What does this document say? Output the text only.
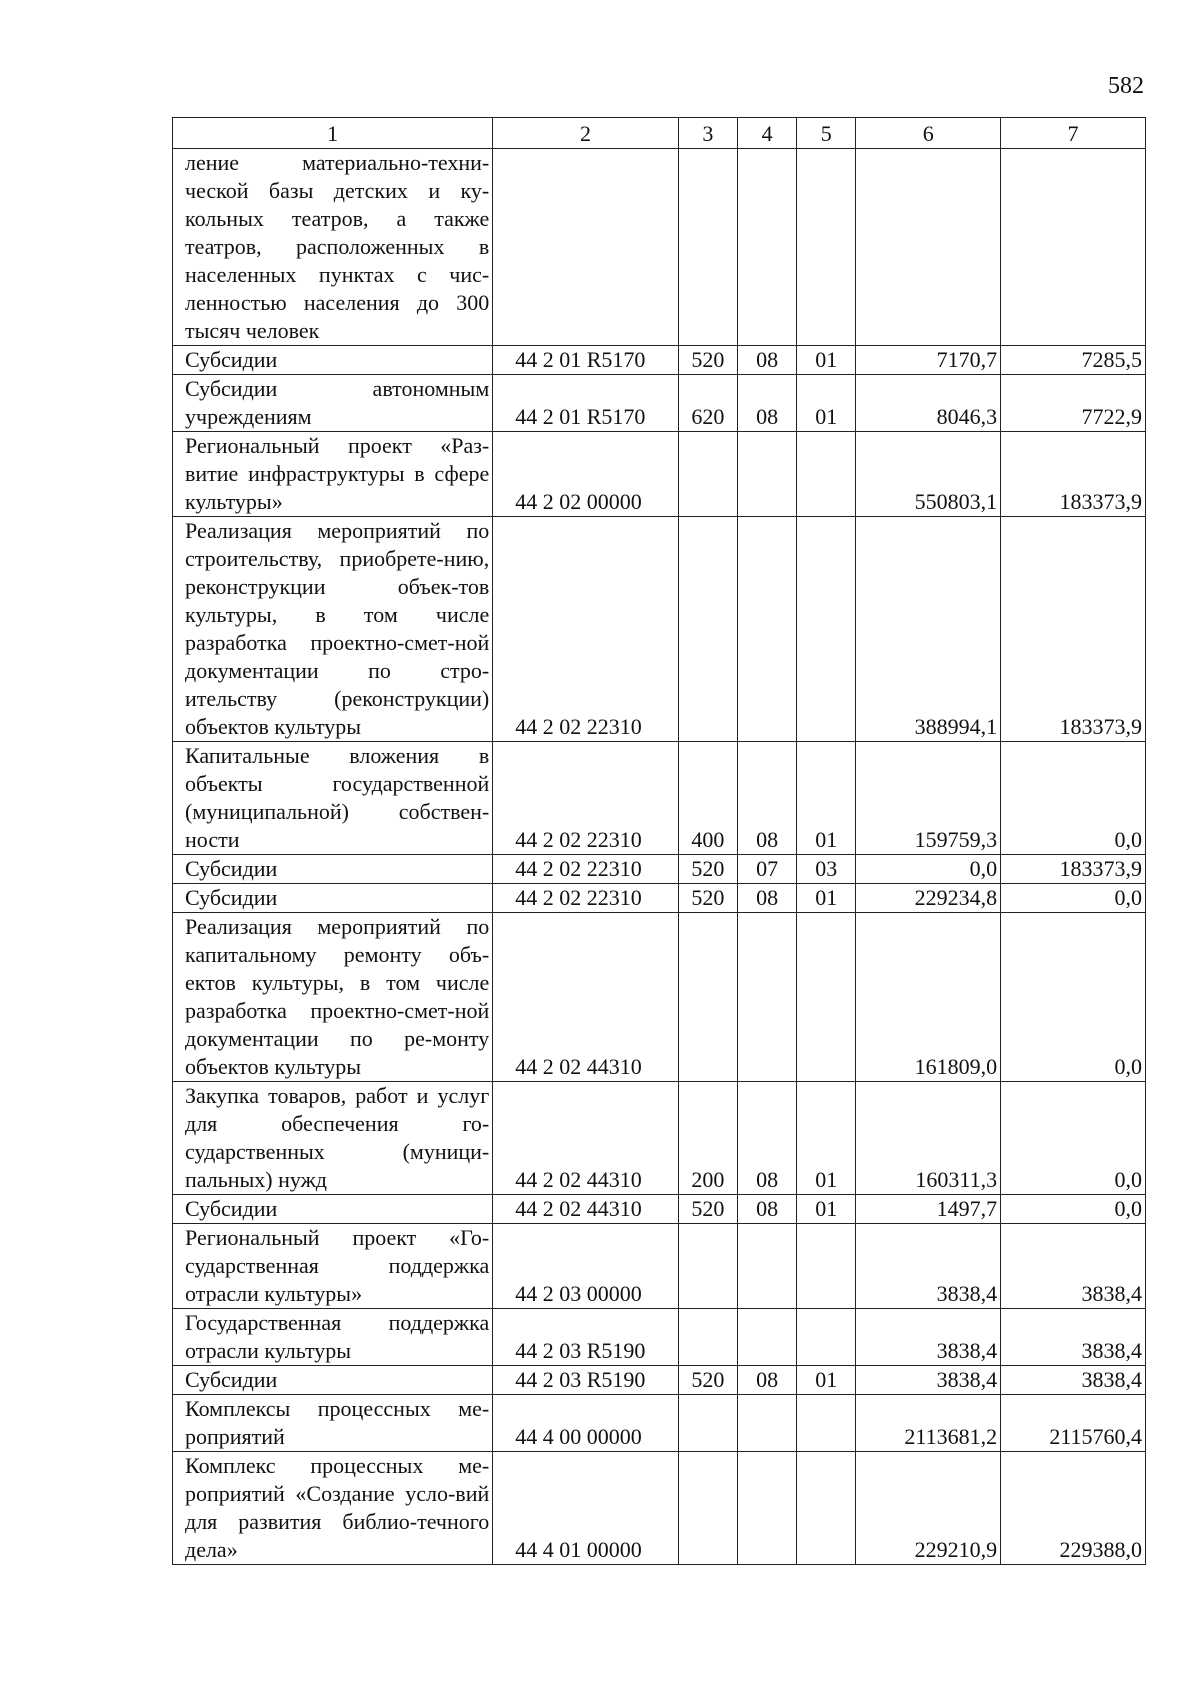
582
1	2	3	4	5	6	7
ление материально-техни-ческой базы детских и ку-кольных театров, а также театров, расположенных в населенных пунктах с чис-ленностью населения до 300 тысяч человек						
Субсидии	44 2 01 R5170	520	08	01	7170,7	7285,5
Субсидии автономным учреждениям	44 2 01 R5170	620	08	01	8046,3	7722,9
Региональный проект «Раз-витие инфраструктуры в сфере культуры»	44 2 02 00000				550803,1	183373,9
Реализация мероприятий по строительству, приобрете-нию, реконструкции объек-тов культуры, в том числе разработка проектно-смет-ной документации по стро-ительству (реконструкции) объектов культуры	44 2 02 22310				388994,1	183373,9
Капитальные вложения в объекты государственной (муниципальной) собствен-ности	44 2 02 22310	400	08	01	159759,3	0,0
Субсидии	44 2 02 22310	520	07	03	0,0	183373,9
Субсидии	44 2 02 22310	520	08	01	229234,8	0,0
Реализация мероприятий по капитальному ремонту объ-ектов культуры, в том числе разработка проектно-смет-ной документации по ре-монту объектов культуры	44 2 02 44310				161809,0	0,0
Закупка товаров, работ и услуг для обеспечения го-сударственных (муници-пальных) нужд	44 2 02 44310	200	08	01	160311,3	0,0
Субсидии	44 2 02 44310	520	08	01	1497,7	0,0
Региональный проект «Го-сударственная поддержка отрасли культуры»	44 2 03 00000				3838,4	3838,4
Государственная поддержка отрасли культуры	44 2 03 R5190				3838,4	3838,4
Субсидии	44 2 03 R5190	520	08	01	3838,4	3838,4
Комплексы процессных ме-роприятий	44 4 00 00000				2113681,2	2115760,4
Комплекс процессных ме-роприятий «Создание усло-вий для развития библио-течного дела»	44 4 01 00000				229210,9	229388,0
